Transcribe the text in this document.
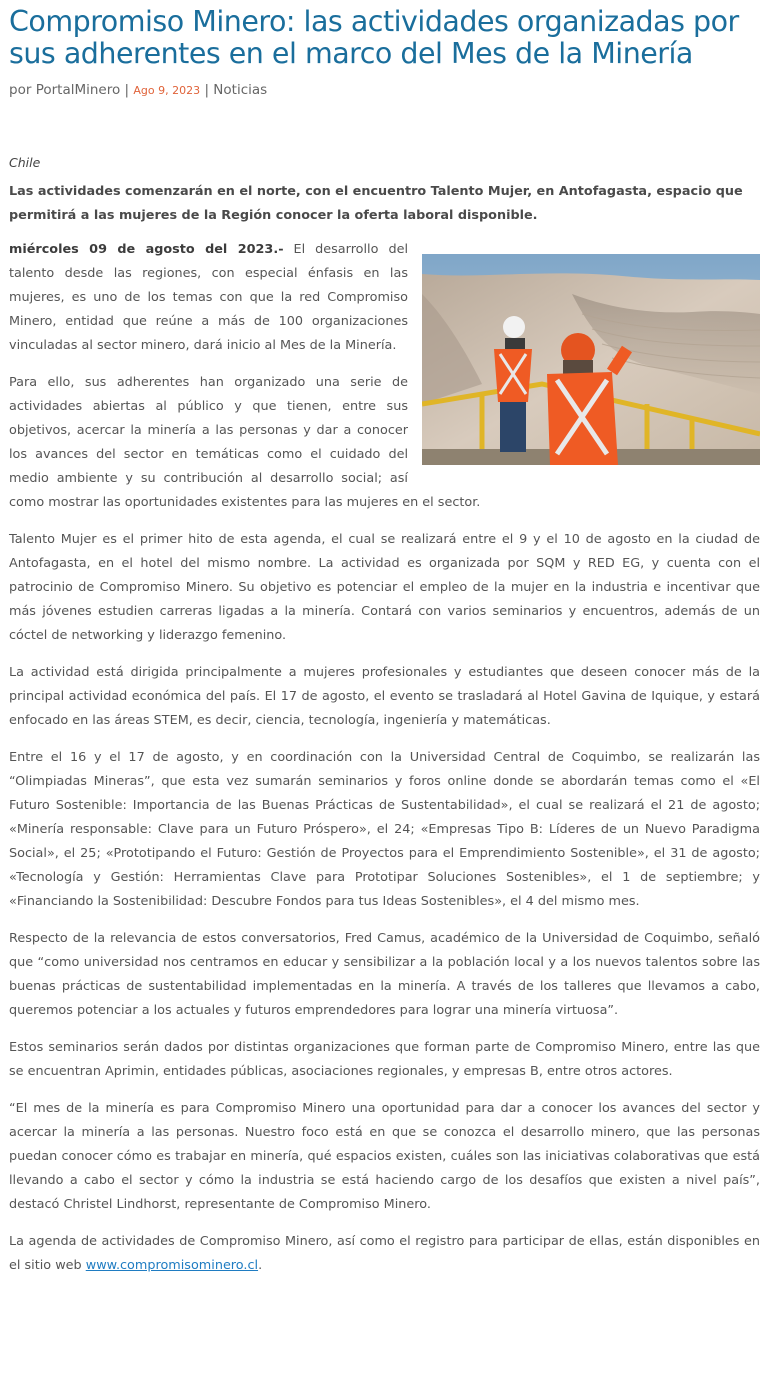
Compromiso Minero: las actividades organizadas por sus adherentes en el marco del Mes de la Minería
por PortalMinero | Ago 9, 2023 | Noticias
Chile
Las actividades comenzarán en el norte, con el encuentro Talento Mujer, en Antofagasta, espacio que permitirá a las mujeres de la Región conocer la oferta laboral disponible.

miércoles 09 de agosto del 2023.- El desarrollo del talento desde las regiones, con especial énfasis en las mujeres, es uno de los temas con que la red Compromiso Minero, entidad que reúne a más de 100 organizaciones vinculadas al sector minero, dará inicio al Mes de la Minería.

Para ello, sus adherentes han organizado una serie de actividades abiertas al público y que tienen, entre sus objetivos, acercar la minería a las personas y dar a conocer los avances del sector en temáticas como el cuidado del medio ambiente y su contribución al desarrollo social; así como mostrar las oportunidades existentes para las mujeres en el sector.

Talento Mujer es el primer hito de esta agenda, el cual se realizará entre el 9 y el 10 de agosto en la ciudad de Antofagasta, en el hotel del mismo nombre. La actividad es organizada por SQM y RED EG, y cuenta con el patrocinio de Compromiso Minero. Su objetivo es potenciar el empleo de la mujer en la industria e incentivar que más jóvenes estudien carreras ligadas a la minería. Contará con varios seminarios y encuentros, además de un cóctel de networking y liderazgo femenino.

La actividad está dirigida principalmente a mujeres profesionales y estudiantes que deseen conocer más de la principal actividad económica del país. El 17 de agosto, el evento se trasladará al Hotel Gavina de Iquique, y estará enfocado en las áreas STEM, es decir, ciencia, tecnología, ingeniería y matemáticas.

Entre el 16 y el 17 de agosto, y en coordinación con la Universidad Central de Coquimbo, se realizarán las “Olimpiadas Mineras”, que esta vez sumarán seminarios y foros online donde se abordarán temas como el «El Futuro Sostenible: Importancia de las Buenas Prácticas de Sustentabilidad», el cual se realizará el 21 de agosto; «Minería responsable: Clave para un Futuro Próspero», el 24; «Empresas Tipo B: Líderes de un Nuevo Paradigma Social», el 25; «Prototipando el Futuro: Gestión de Proyectos para el Emprendimiento Sostenible», el 31 de agosto; «Tecnología y Gestión: Herramientas Clave para Prototipar Soluciones Sostenibles», el 1 de septiembre; y «Financiando la Sostenibilidad: Descubre Fondos para tus Ideas Sostenibles», el 4 del mismo mes.

Respecto de la relevancia de estos conversatorios, Fred Camus, académico de la Universidad de Coquimbo, señaló que “como universidad nos centramos en educar y sensibilizar a la población local y a los nuevos talentos sobre las buenas prácticas de sustentabilidad implementadas en la minería. A través de los talleres que llevamos a cabo, queremos potenciar a los actuales y futuros emprendedores para lograr una minería virtuosa”.

Estos seminarios serán dados por distintas organizaciones que forman parte de Compromiso Minero, entre las que se encuentran Aprimin, entidades públicas, asociaciones regionales, y empresas B, entre otros actores.

“El mes de la minería es para Compromiso Minero una oportunidad para dar a conocer los avances del sector y acercar la minería a las personas. Nuestro foco está en que se conozca el desarrollo minero, que las personas puedan conocer cómo es trabajar en minería, qué espacios existen, cuáles son las iniciativas colaborativas que está llevando a cabo el sector y cómo la industria se está haciendo cargo de los desafíos que existen a nivel país”, destacó Christel Lindhorst, representante de Compromiso Minero.

La agenda de actividades de Compromiso Minero, así como el registro para participar de ellas, están disponibles en el sitio web www.compromisominero.cl.
